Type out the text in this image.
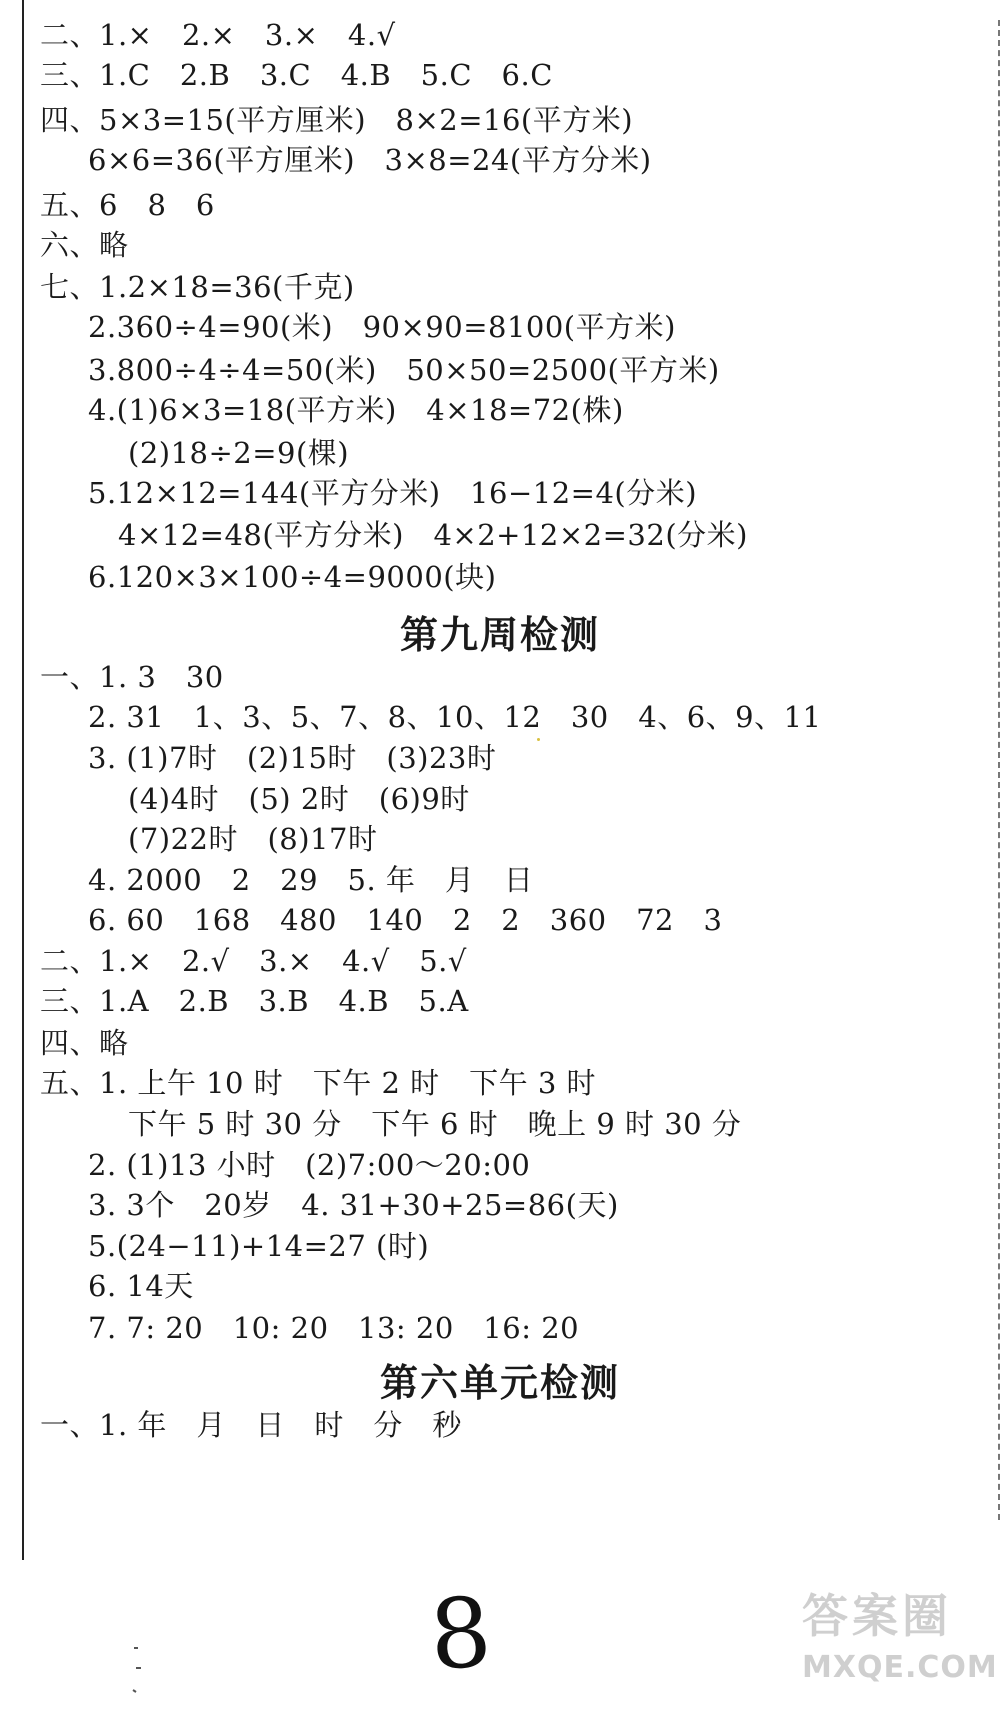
二、1.×　2.×　3.×　4.√
三、1.C　2.B　3.C　4.B　5.C　6.C
四、5×3=15(平方厘米)　8×2=16(平方米)
6×6=36(平方厘米)　3×8=24(平方分米)
五、6　8　6
六、略
七、1.2×18=36(千克)
2.360÷4=90(米)　90×90=8100(平方米)
3.800÷4÷4=50(米)　50×50=2500(平方米)
4.(1)6×3=18(平方米)　4×18=72(株)
(2)18÷2=9(棵)
5.12×12=144(平方分米)　16−12=4(分米)
4×12=48(平方分米)　4×2+12×2=32(分米)
6.120×3×100÷4=9000(块)
第九周检测
一、1. 3　30
2. 31　1、3、5、7、8、10、12　30　4、6、9、11
3. (1)7时　(2)15时　(3)23时
(4)4时　(5) 2时　(6)9时
(7)22时　(8)17时
4. 2000　2　29　5. 年　月　日
6. 60　168　480　140　2　2　360　72　3
二、1.×　2.√　3.×　4.√　5.√
三、1.A　2.B　3.B　4.B　5.A
四、略
五、1. 上午 10 时　下午 2 时　下午 3 时
下午 5 时 30 分　下午 6 时　晚上 9 时 30 分
2. (1)13 小时　(2)7:00～20:00
3. 3个　20岁　4. 31+30+25=86(天)
5.(24−11)+14=27 (时)
6. 14天
7. 7: 20　10: 20　13: 20　16: 20
第六单元检测
一、1. 年　月　日　时　分　秒
8	答案圈
MXQE.COM
